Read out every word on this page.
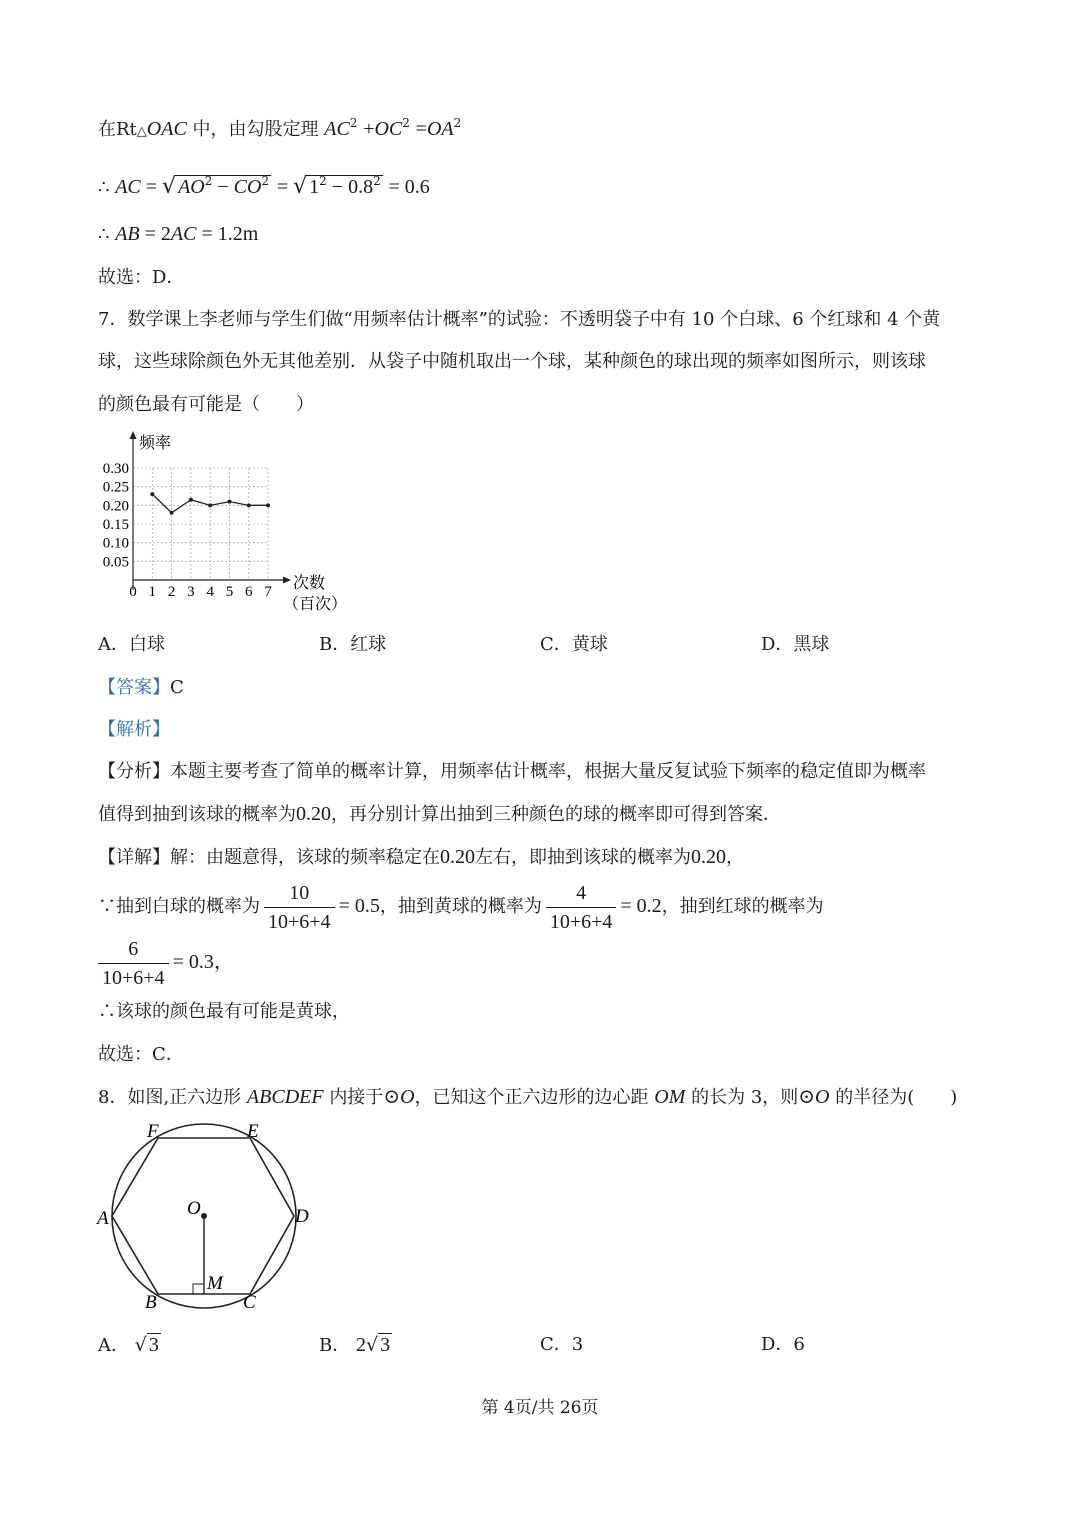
在Rt△OAC 中，由勾股定理 $AC^2 +OC^2 =OA^2$
∴ AC = √ $AO^2 - CO^2$ = √ $1^2 - 0.8^2 = 0.6$
∴ AB = 2AC = 1.2m
故选：D．
7．数学课上李老师与学生们做“用频率估计概率”的试验：不透明袋子中有 10 个白球、6 个红球和 4 个黄
球，这些球除颜色外无其他差别．从袋子中随机取出一个球，某种颜色的球出现的频率如图所示，则该球
的颜色最有可能是（　　）
频率
次数
（百次）
0.30
0.25
0.20
0.15
0.10
0.05
0 1 2 3 4 5 6 7
A．白球	B．红球	C．黄球	D．黑球
【答案】C
【解析】
【分析】本题主要考查了简单的概率计算，用频率估计概率，根据大量反复试验下频率的稳定值即为概率
值得到抽到该球的概率为0.20，再分别计算出抽到三种颜色的球的概率即可得到答案．
【详解】解：由题意得，该球的频率稳定在0.20左右，即抽到该球的概率为0.20，
∵抽到白球的概率为 $\frac{10}{10+6+4} = 0.5$，抽到黄球的概率为 $\frac{4}{10+6+4} = 0.2$，抽到红球的概率为
$\frac{6}{10+6+4} = 0.3$，
∴该球的颜色最有可能是黄球，
故选：C．
8．如图,正六边形 ABCDEF 内接于⊙O，已知这个正六边形的边心距 OM 的长为 3，则⊙O 的半径为(　　)
F	E
A	D
O
M
B	C
A． √ 3	B． 2√ 3	C．3	D．6
第 4页/共 26页
